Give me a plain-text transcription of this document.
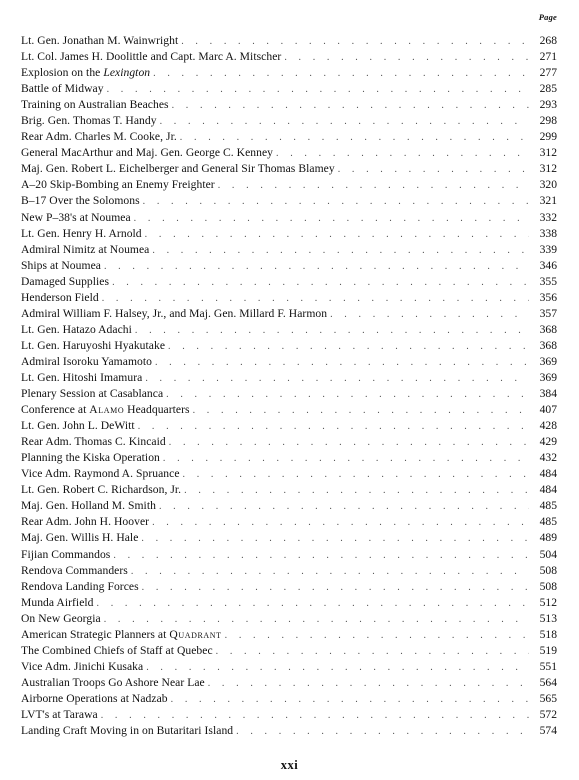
Page
Lt. Gen. Jonathan M. Wainwright . . .	268
Lt. Col. James H. Doolittle and Capt. Marc A. Mitscher . . .	271
Explosion on the Lexington . . .	277
Battle of Midway . . .	285
Training on Australian Beaches . . .	293
Brig. Gen. Thomas T. Handy . . .	298
Rear Adm. Charles M. Cooke, Jr. . . .	299
General MacArthur and Maj. Gen. George C. Kenney . . .	312
Maj. Gen. Robert L. Eichelberger and General Sir Thomas Blamey . . .	312
A–20 Skip-Bombing an Enemy Freighter . . .	320
B–17 Over the Solomons . . .	321
New P–38's at Noumea . . .	332
Lt. Gen. Henry H. Arnold . . .	338
Admiral Nimitz at Noumea . . .	339
Ships at Noumea . . .	346
Damaged Supplies . . .	355
Henderson Field . . .	356
Admiral William F. Halsey, Jr., and Maj. Gen. Millard F. Harmon . . .	357
Lt. Gen. Hatazo Adachi . . .	368
Lt. Gen. Haruyoshi Hyakutake . . .	368
Admiral Isoroku Yamamoto . . .	369
Lt. Gen. Hitoshi Imamura . . .	369
Plenary Session at Casablanca . . .	384
Conference at Alamo Headquarters . . .	407
Lt. Gen. John L. DeWitt . . .	428
Rear Adm. Thomas C. Kincaid . . .	429
Planning the Kiska Operation . . .	432
Vice Adm. Raymond A. Spruance . . .	484
Lt. Gen. Robert C. Richardson, Jr. . . .	484
Maj. Gen. Holland M. Smith . . .	485
Rear Adm. John H. Hoover . . .	485
Maj. Gen. Willis H. Hale . . .	489
Fijian Commandos . . .	504
Rendova Commanders . . .	508
Rendova Landing Forces . . .	508
Munda Airfield . . .	512
On New Georgia . . .	513
American Strategic Planners at Quadrant . . .	518
The Combined Chiefs of Staff at Quebec . . .	519
Vice Adm. Jinichi Kusaka . . .	551
Australian Troops Go Ashore Near Lae . . .	564
Airborne Operations at Nadzab . . .	565
LVT's at Tarawa . . .	572
Landing Craft Moving in on Butaritari Island . . .	574
xxi
